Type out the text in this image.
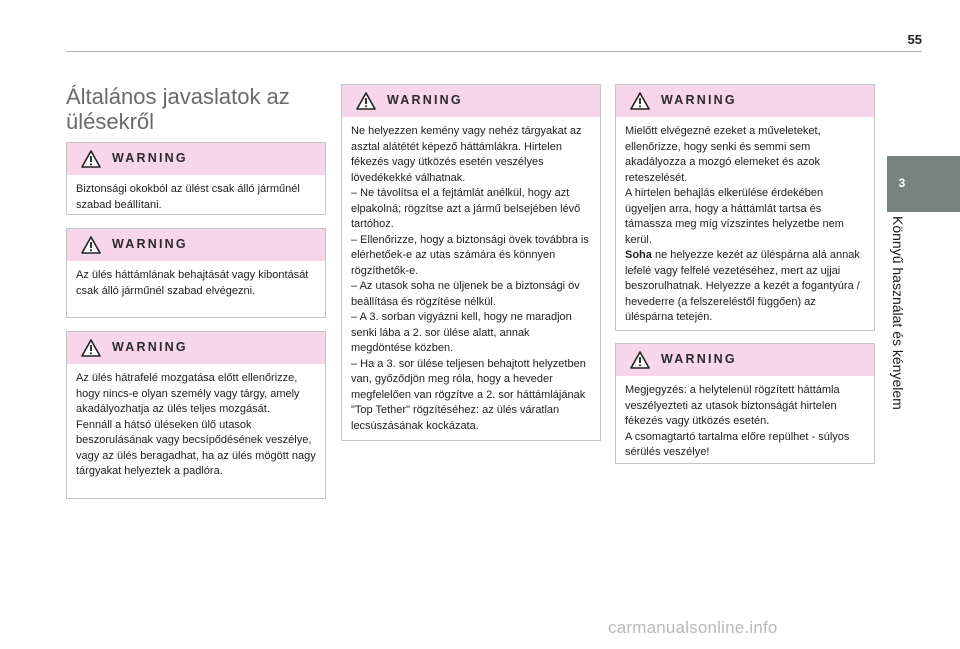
55
3
Könnyű használat és kényelem
Általános javaslatok az ülésekről
WARNING

Biztonsági okokból az ülést csak álló járműnél szabad beállítani.

WARNING

Az ülés háttámlának behajtását vagy kibontását csak álló járműnél szabad elvégezni.

WARNING

Az ülés hátrafelé mozgatása előtt ellenőrizze, hogy nincs-e olyan személy vagy tárgy, amely akadályozhatja az ülés teljes mozgását.
Fennáll a hátsó üléseken ülő utasok beszorulásának vagy becsípődésének veszélye, vagy az ülés beragadhat, ha az ülés mögött nagy tárgyakat helyeztek a padlóra.

WARNING

Ne helyezzen kemény vagy nehéz tárgyakat az asztal alátétét képező háttámlákra. Hirtelen fékezés vagy ütközés esetén veszélyes lövedékekké válhatnak.
– Ne távolítsa el a fejtámlát anélkül, hogy azt elpakolná; rögzítse azt a jármű belsejében lévő tartóhoz.
– Ellenőrizze, hogy a biztonsági övek továbbra is elérhetőek-e az utas számára és könnyen rögzíthetők-e.
– Az utasok soha ne üljenek be a biztonsági öv beállítása és rögzítése nélkül.
– A 3. sorban vigyázni kell, hogy ne maradjon senki lába a 2. sor ülése alatt, annak megdöntése közben.
– Ha a 3. sor ülése teljesen behajtott helyzetben van, győződjön meg róla, hogy a heveder megfelelően van rögzítve a 2. sor háttámlájának "Top Tether" rögzítéséhez: az ülés váratlan lecsúszásának kockázata.

WARNING

Mielőtt elvégezné ezeket a műveleteket, ellenőrizze, hogy senki és semmi sem akadályozza a mozgó elemeket és azok reteszelését.
A hirtelen behajlás elkerülése érdekében ügyeljen arra, hogy a háttámlát tartsa és támassza meg míg vízszintes helyzetbe nem kerül.
Soha ne helyezze kezét az üléspárna alá annak lefelé vagy felfelé vezetéséhez, mert az ujjai beszorulhatnak. Helyezze a kezét a fogantyúra / hevederre (a felszereléstől függően) az üléspárna tetején.

WARNING

Megjegyzés: a helytelenül rögzített háttámla veszélyezteti az utasok biztonságát hirtelen fékezés vagy ütközés esetén.
A csomagtartó tartalma előre repülhet - súlyos sérülés veszélye!

carmanualsonline.info
